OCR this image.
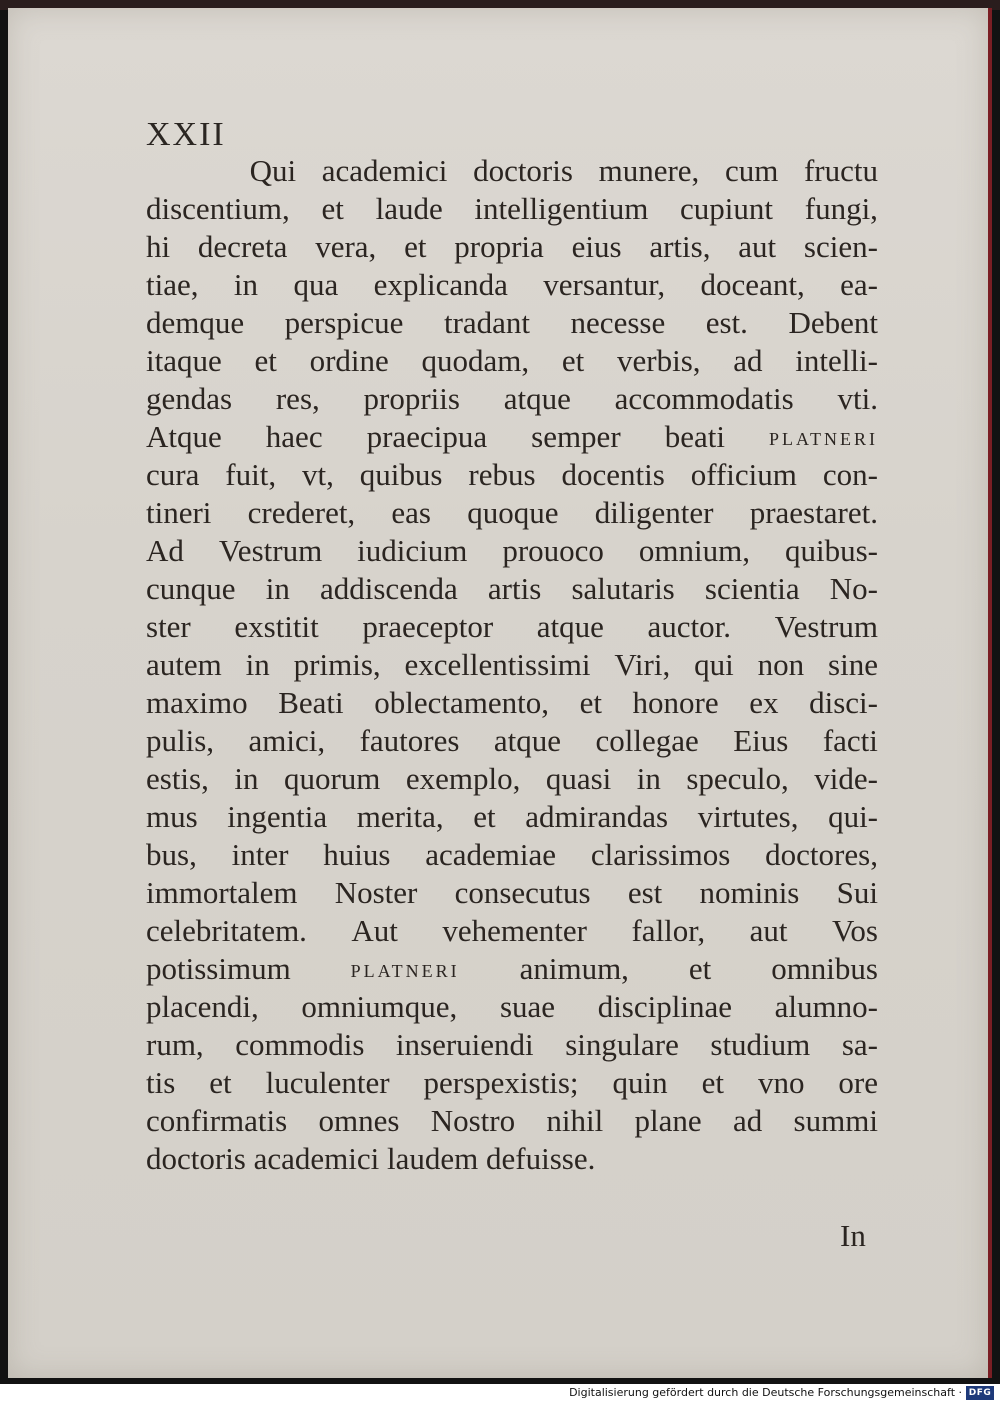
XXII
Qui academici doctoris munere, cum fructu
discentium, et laude intelligentium cupiunt fungi,
hi decreta vera, et propria eius artis, aut scien-
tiae, in qua explicanda versantur, doceant, ea-
demque perspicue tradant necesse est. Debent
itaque et ordine quodam, et verbis, ad intelli-
gendas res, propriis atque accommodatis vti.
Atque haec praecipua semper beati platneri
cura fuit, vt, quibus rebus docentis officium con-
tineri crederet, eas quoque diligenter praestaret.
Ad Vestrum iudicium prouoco omnium, quibus-
cunque in addiscenda artis salutaris scientia No-
ster exstitit praeceptor atque auctor. Vestrum
autem in primis, excellentissimi Viri, qui non sine
maximo Beati oblectamento, et honore ex disci-
pulis, amici, fautores atque collegae Eius facti
estis, in quorum exemplo, quasi in speculo, vide-
mus ingentia merita, et admirandas virtutes, qui-
bus, inter huius academiae clarissimos doctores,
immortalem Noster consecutus est nominis Sui
celebritatem. Aut vehementer fallor, aut Vos
potissimum platneri animum, et omnibus
placendi, omniumque, suae disciplinae alumno-
rum, commodis inseruiendi singulare studium sa-
tis et luculenter perspexistis; quin et vno ore
confirmatis omnes Nostro nihil plane ad summi
doctoris academici laudem defuisse.
In
Digitalisierung gefördert durch die Deutsche Forschungsgemeinschaft · DFG
